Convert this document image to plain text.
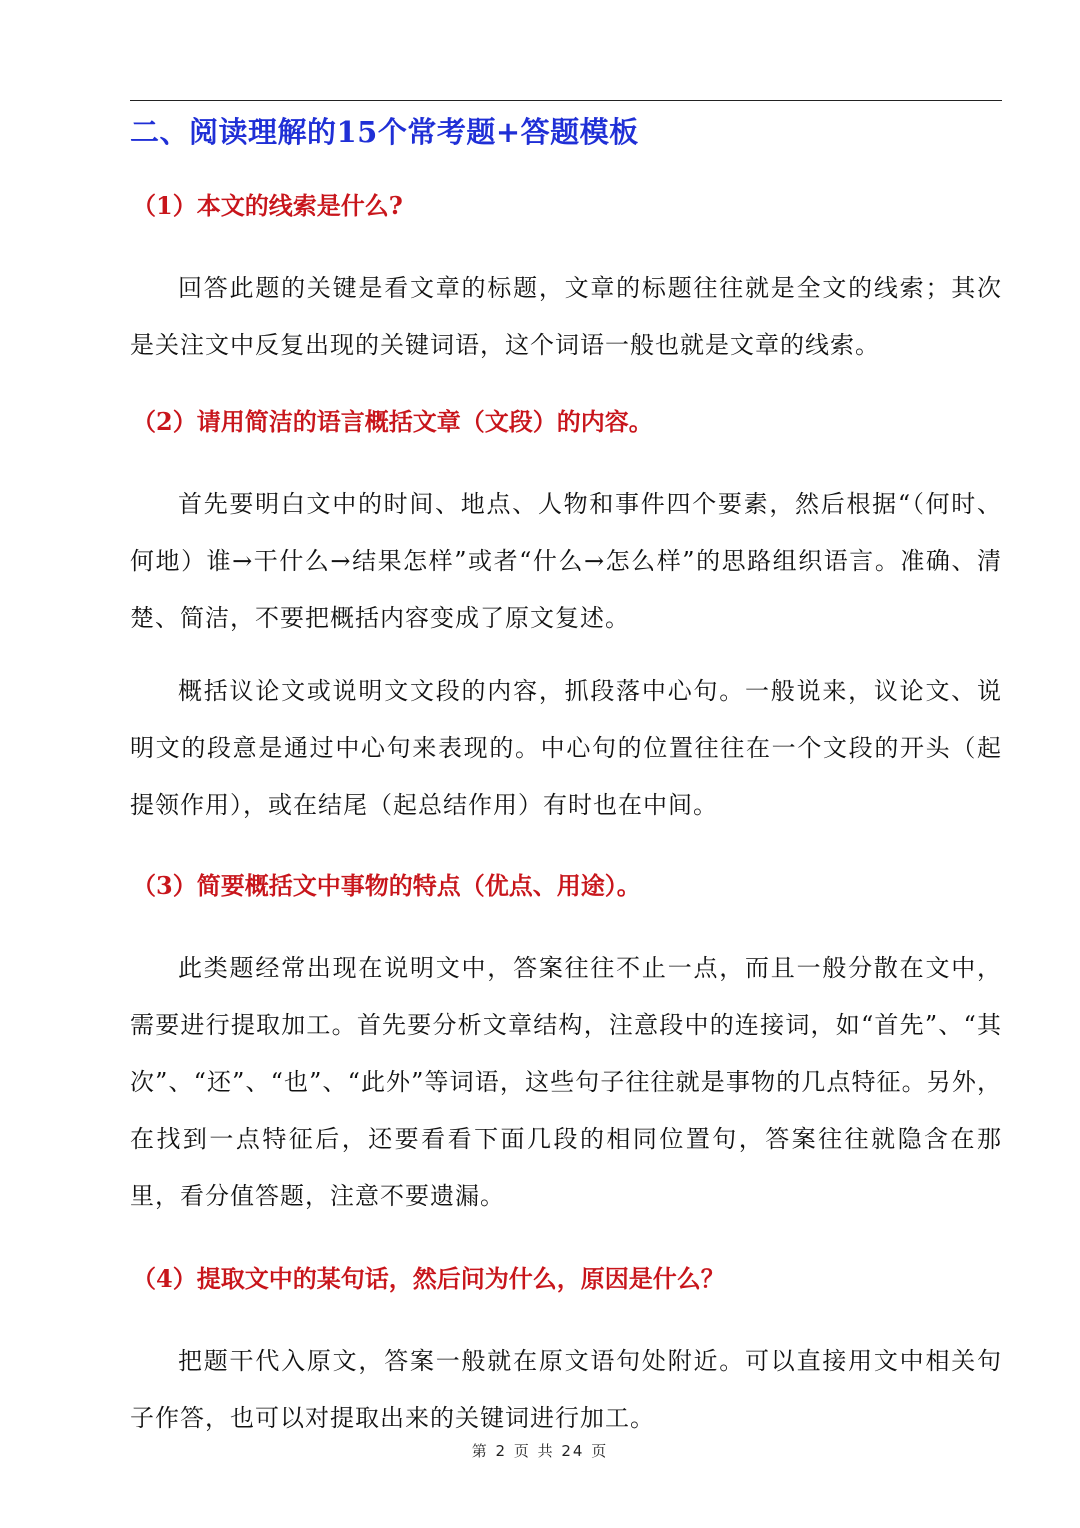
二、阅读理解的15个常考题+答题模板
（1）本文的线索是什么?

回答此题的关键是看文章的标题，文章的标题往往就是全文的线索；其次是关注文中反复出现的关键词语，这个词语一般也就是文章的线索。

（2）请用简洁的语言概括文章（文段）的内容。

首先要明白文中的时间、地点、人物和事件四个要素，然后根据“（何时、何地）谁→干什么→结果怎样”或者“什么→怎么样”的思路组织语言。准确、清楚、简洁，不要把概括内容变成了原文复述。

概括议论文或说明文文段的内容，抓段落中心句。一般说来，议论文、说明文的段意是通过中心句来表现的。中心句的位置往往在一个文段的开头（起提领作用），或在结尾（起总结作用）有时也在中间。

（3）简要概括文中事物的特点（优点、用途）。

此类题经常出现在说明文中，答案往往不止一点，而且一般分散在文中，需要进行提取加工。首先要分析文章结构，注意段中的连接词，如“首先”、“其次”、“还”、“也”、“此外”等词语，这些句子往往就是事物的几点特征。另外，在找到一点特征后，还要看看下面几段的相同位置句，答案往往就隐含在那里，看分值答题，注意不要遗漏。

（4）提取文中的某句话，然后问为什么，原因是什么？

把题干代入原文，答案一般就在原文语句处附近。可以直接用文中相关句子作答，也可以对提取出来的关键词进行加工。

第 2 页 共 24 页
